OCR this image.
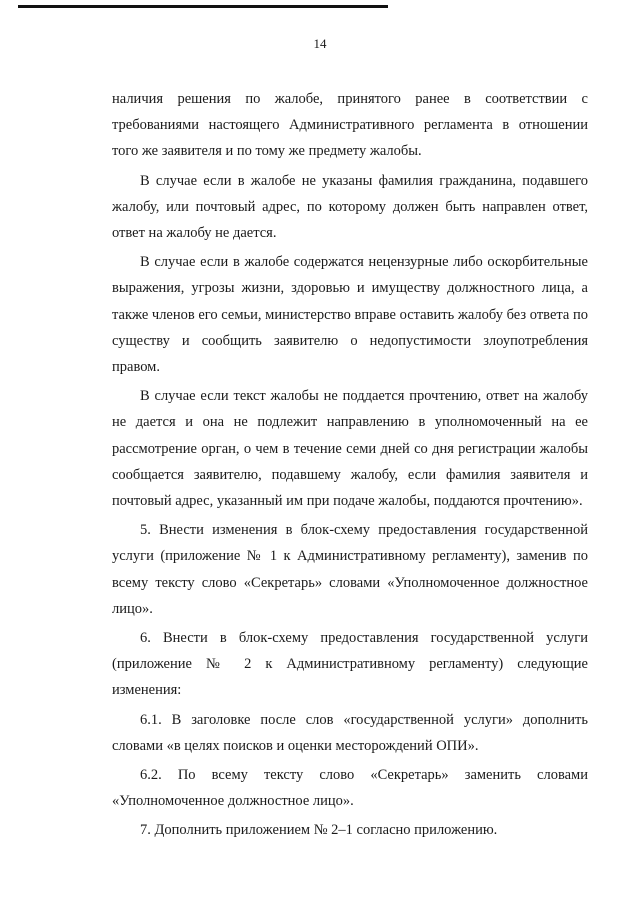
14

наличия решения по жалобе, принятого ранее в соответствии с требованиями настоящего Административного регламента в отношении того же заявителя и по тому же предмету жалобы.

В случае если в жалобе не указаны фамилия гражданина, подавшего жалобу, или почтовый адрес, по которому должен быть направлен ответ, ответ на жалобу не дается.

В случае если в жалобе содержатся нецензурные либо оскорбительные выражения, угрозы жизни, здоровью и имуществу должностного лица, а также членов его семьи, министерство вправе оставить жалобу без ответа по существу и сообщить заявителю о недопустимости злоупотребления правом.

В случае если текст жалобы не поддается прочтению, ответ на жалобу не дается и она не подлежит направлению в уполномоченный на ее рассмотрение орган, о чем в течение семи дней со дня регистрации жалобы сообщается заявителю, подавшему жалобу, если фамилия заявителя и почтовый адрес, указанный им при подаче жалобы, поддаются прочтению».

5. Внести изменения в блок-схему предоставления государственной услуги (приложение № 1 к Административному регламенту), заменив по всему тексту слово «Секретарь» словами «Уполномоченное должностное лицо».

6. Внести в блок-схему предоставления государственной услуги (приложение № 2 к Административному регламенту) следующие изменения:

6.1. В заголовке после слов «государственной услуги» дополнить словами «в целях поисков и оценки месторождений ОПИ».

6.2. По всему тексту слово «Секретарь» заменить словами «Уполномоченное должностное лицо».

7. Дополнить приложением № 2–1 согласно приложению.
